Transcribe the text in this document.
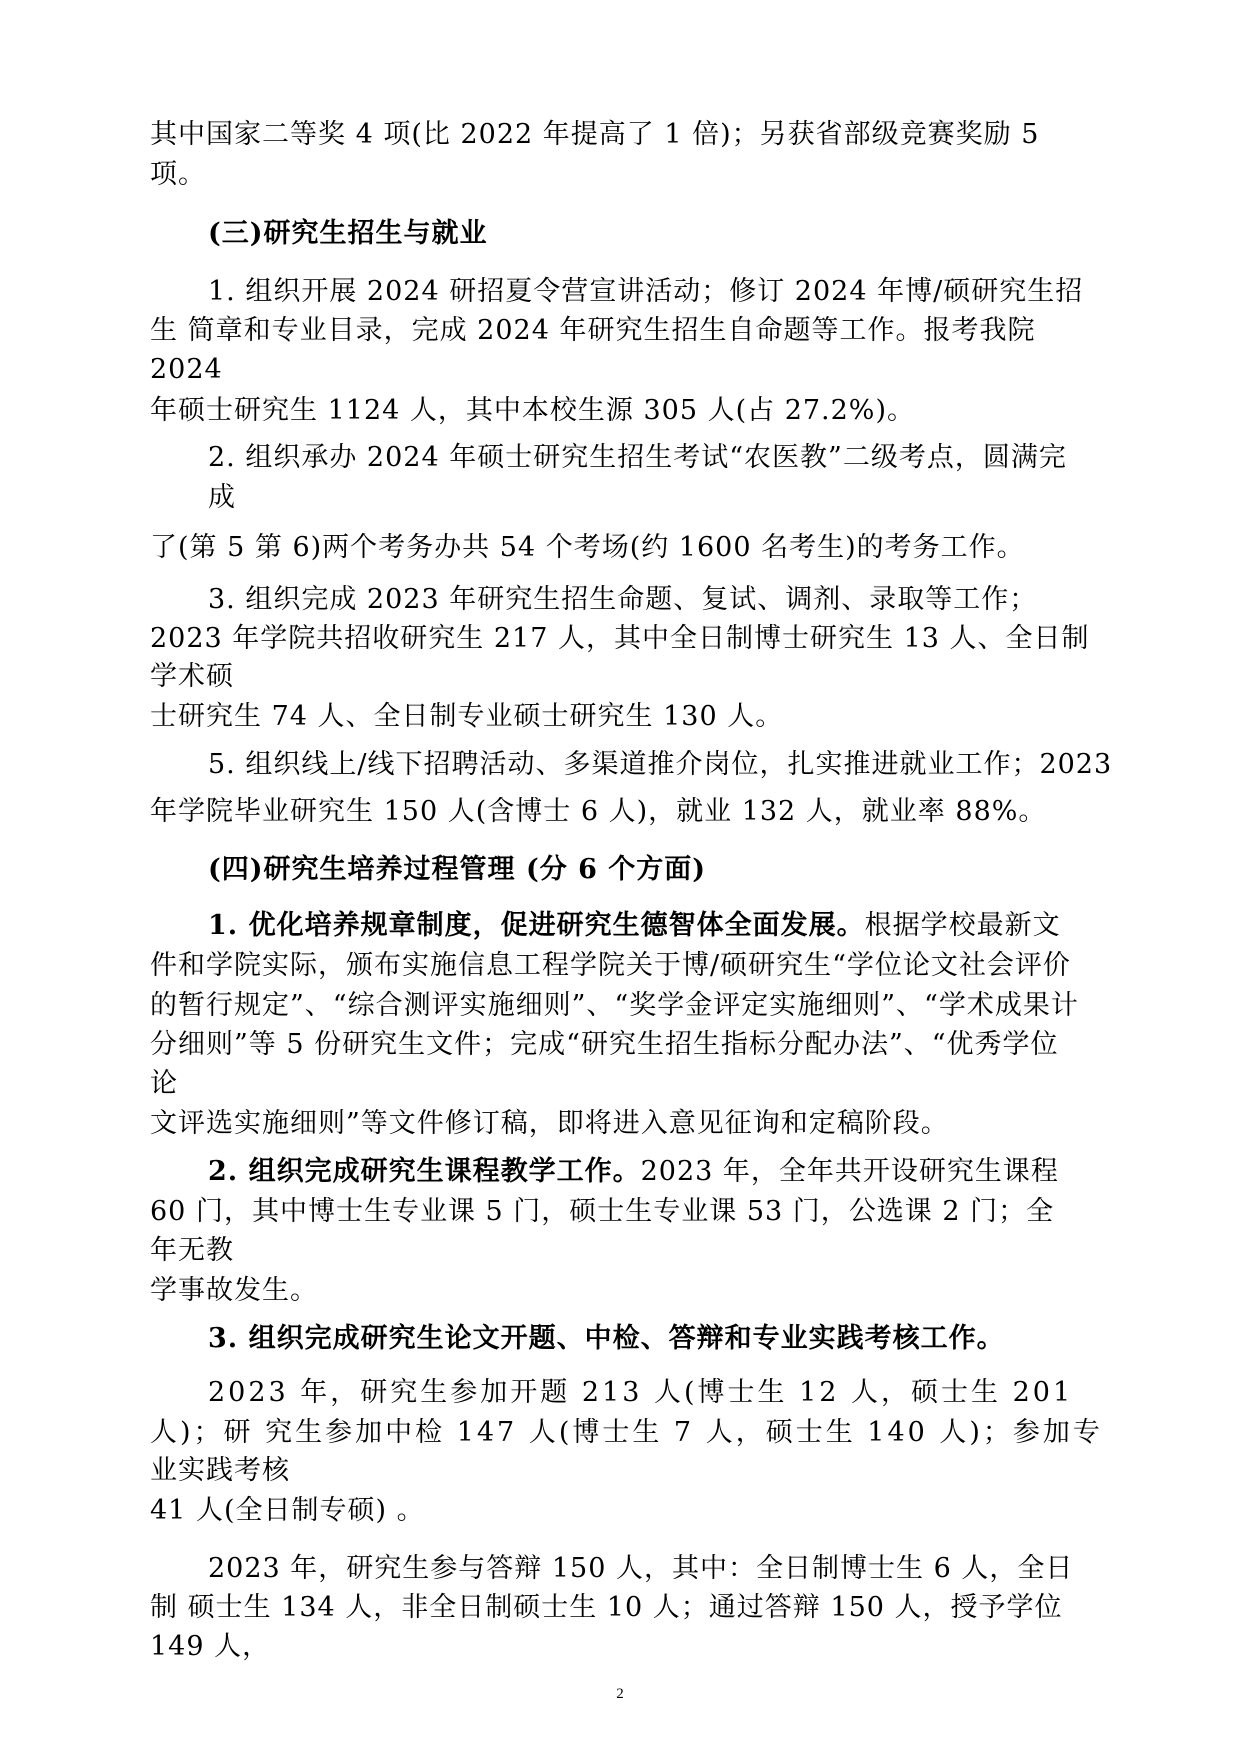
其中国家二等奖 4 项(比 2022 年提高了 1 倍)；另获省部级竞赛奖励 5

项。

(三)研究生招生与就业

1. 组织开展 2024 研招夏令营宣讲活动；修订 2024 年博/硕研究生招

生 简章和专业目录，完成 2024 年研究生招生自命题等工作。报考我院

2024

年硕士研究生 1124 人，其中本校生源 305 人(占 27.2%)。

2. 组织承办 2024 年硕士研究生招生考试“农医教”二级考点，圆满完

成

了(第 5 第 6)两个考务办共 54 个考场(约 1600 名考生)的考务工作。

3. 组织完成 2023 年研究生招生命题、复试、调剂、录取等工作；

2023 年学院共招收研究生 217 人，其中全日制博士研究生 13 人、全日制

学术硕

士研究生 74 人、全日制专业硕士研究生 130 人。

5. 组织线上/线下招聘活动、多渠道推介岗位，扎实推进就业工作；2023

年学院毕业研究生 150 人(含博士 6 人)，就业 132 人，就业率 88%。

(四)研究生培养过程管理 (分 6 个方面)

1. 优化培养规章制度，促进研究生德智体全面发展。根据学校最新文

件和学院实际，颁布实施信息工程学院关于博/硕研究生“学位论文社会评价

的暂行规定”、“综合测评实施细则”、“奖学金评定实施细则”、“学术成果计

分细则”等 5 份研究生文件；完成“研究生招生指标分配办法”、“优秀学位

论

文评选实施细则”等文件修订稿，即将进入意见征询和定稿阶段。

2. 组织完成研究生课程教学工作。2023 年，全年共开设研究生课程

60 门，其中博士生专业课 5 门，硕士生专业课 53 门，公选课 2 门；全

年无教

学事故发生。

3. 组织完成研究生论文开题、中检、答辩和专业实践考核工作。

2023 年，研究生参加开题 213 人(博士生 12 人，硕士生 201

人)；研 究生参加中检 147 人(博士生 7 人，硕士生 140 人)；参加专

业实践考核

41 人(全日制专硕) 。

2023 年，研究生参与答辩 150 人，其中：全日制博士生 6 人，全日

制 硕士生 134 人，非全日制硕士生 10 人；通过答辩 150 人，授予学位

149 人，

2
